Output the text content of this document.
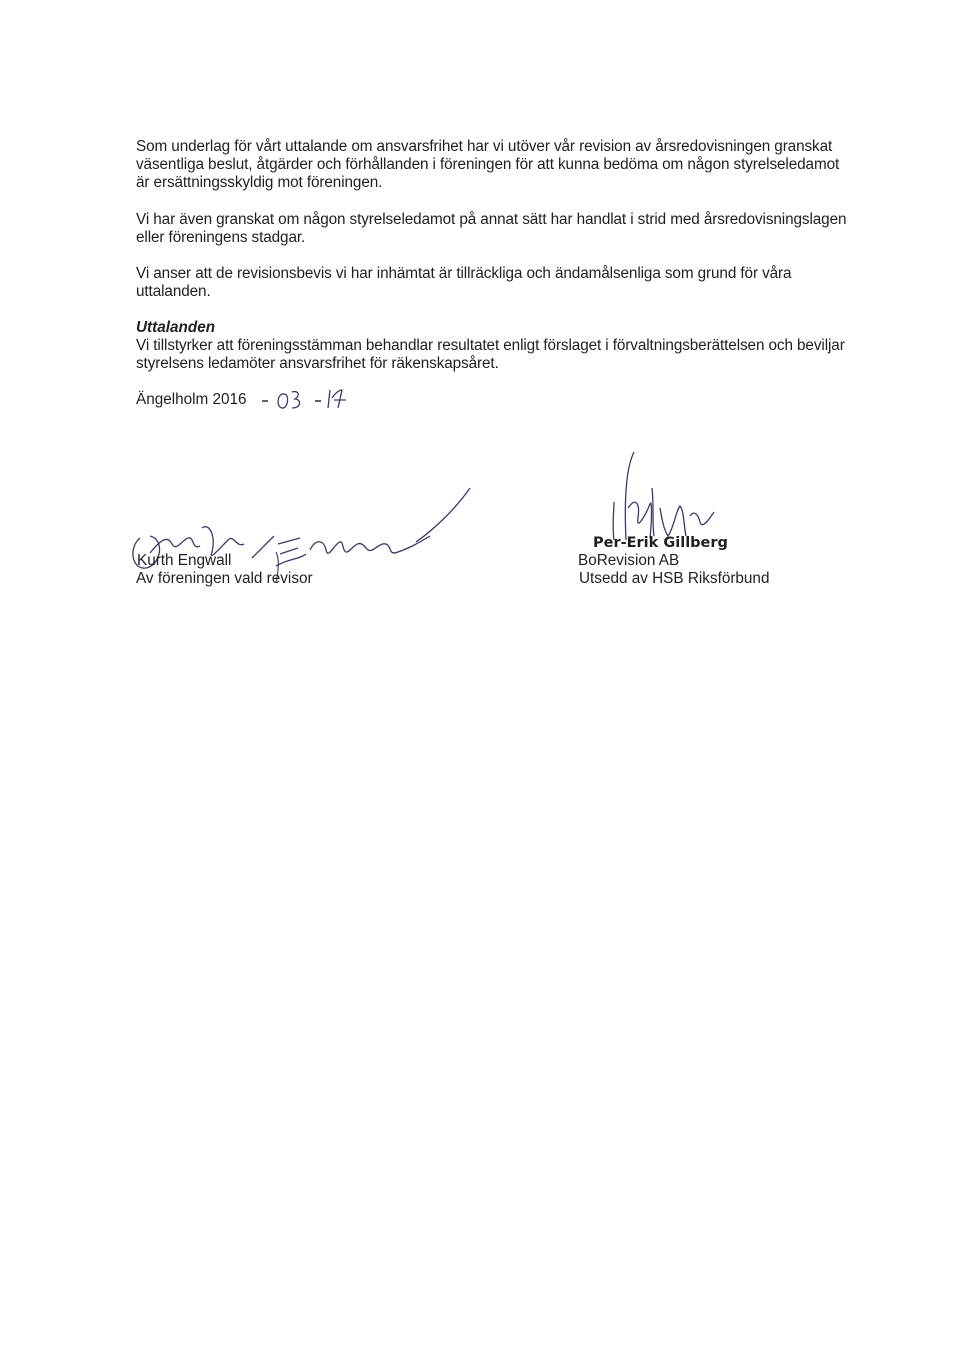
Som underlag för vårt uttalande om ansvarsfrihet har vi utöver vår revision av årsredovisningen granskat väsentliga beslut, åtgärder och förhållanden i föreningen för att kunna bedöma om någon styrelseledamot är ersättningsskyldig mot föreningen.
Vi har även granskat om någon styrelseledamot på annat sätt har handlat i strid med årsredovisningslagen eller föreningens stadgar.
Vi anser att de revisionsbevis vi har inhämtat är tillräckliga och ändamålsenliga som grund för våra uttalanden.
Uttalanden
Vi tillstyrker att föreningsstämman behandlar resultatet enligt förslaget i förvaltningsberättelsen och beviljar styrelsens ledamöter ansvarsfrihet för räkenskapsåret.
Ängelholm 2016
Kurth Engwall
Av föreningen vald revisor
Per-Erik Gillberg
BoRevision AB
Utsedd av HSB Riksförbund
